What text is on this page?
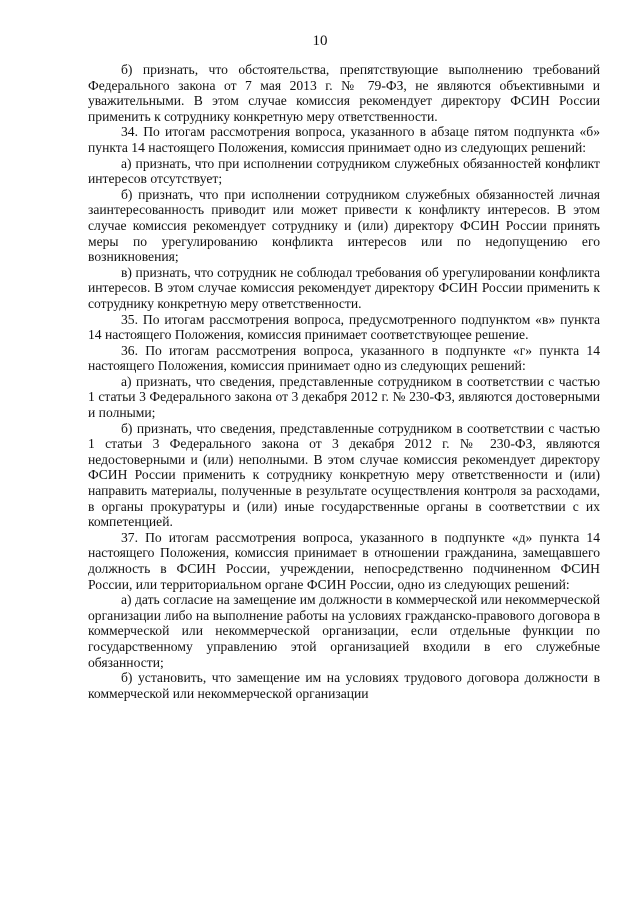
10

б) признать, что обстоятельства, препятствующие выполнению требований Федерального закона от 7 мая 2013 г. № 79-ФЗ, не являются объективными и уважительными. В этом случае комиссия рекомендует директору ФСИН России применить к сотруднику конкретную меру ответственности.

34. По итогам рассмотрения вопроса, указанного в абзаце пятом подпункта «б» пункта 14 настоящего Положения, комиссия принимает одно из следующих решений:

а) признать, что при исполнении сотрудником служебных обязанностей конфликт интересов отсутствует;

б) признать, что при исполнении сотрудником служебных обязанностей личная заинтересованность приводит или может привести к конфликту интересов. В этом случае комиссия рекомендует сотруднику и (или) директору ФСИН России принять меры по урегулированию конфликта интересов или по недопущению его возникновения;

в) признать, что сотрудник не соблюдал требования об урегулировании конфликта интересов. В этом случае комиссия рекомендует директору ФСИН России применить к сотруднику конкретную меру ответственности.

35. По итогам рассмотрения вопроса, предусмотренного подпунктом «в» пункта 14 настоящего Положения, комиссия принимает соответствующее решение.

36. По итогам рассмотрения вопроса, указанного в подпункте «г» пункта 14 настоящего Положения, комиссия принимает одно из следующих решений:

а) признать, что сведения, представленные сотрудником в соответствии с частью 1 статьи 3 Федерального закона от 3 декабря 2012 г. № 230-ФЗ, являются достоверными и полными;

б) признать, что сведения, представленные сотрудником в соответствии с частью 1 статьи 3 Федерального закона от 3 декабря 2012 г. № 230-ФЗ, являются недостоверными и (или) неполными. В этом случае комиссия рекомендует директору ФСИН России применить к сотруднику конкретную меру ответственности и (или) направить материалы, полученные в результате осуществления контроля за расходами, в органы прокуратуры и (или) иные государственные органы в соответствии с их компетенцией.

37. По итогам рассмотрения вопроса, указанного в подпункте «д» пункта 14 настоящего Положения, комиссия принимает в отношении гражданина, замещавшего должность в ФСИН России, учреждении, непосредственно подчиненном ФСИН России, или территориальном органе ФСИН России, одно из следующих решений:

а) дать согласие на замещение им должности в коммерческой или некоммерческой организации либо на выполнение работы на условиях гражданско-правового договора в коммерческой или некоммерческой организации, если отдельные функции по государственному управлению этой организацией входили в его служебные обязанности;

б) установить, что замещение им на условиях трудового договора должности в коммерческой или некоммерческой организации
